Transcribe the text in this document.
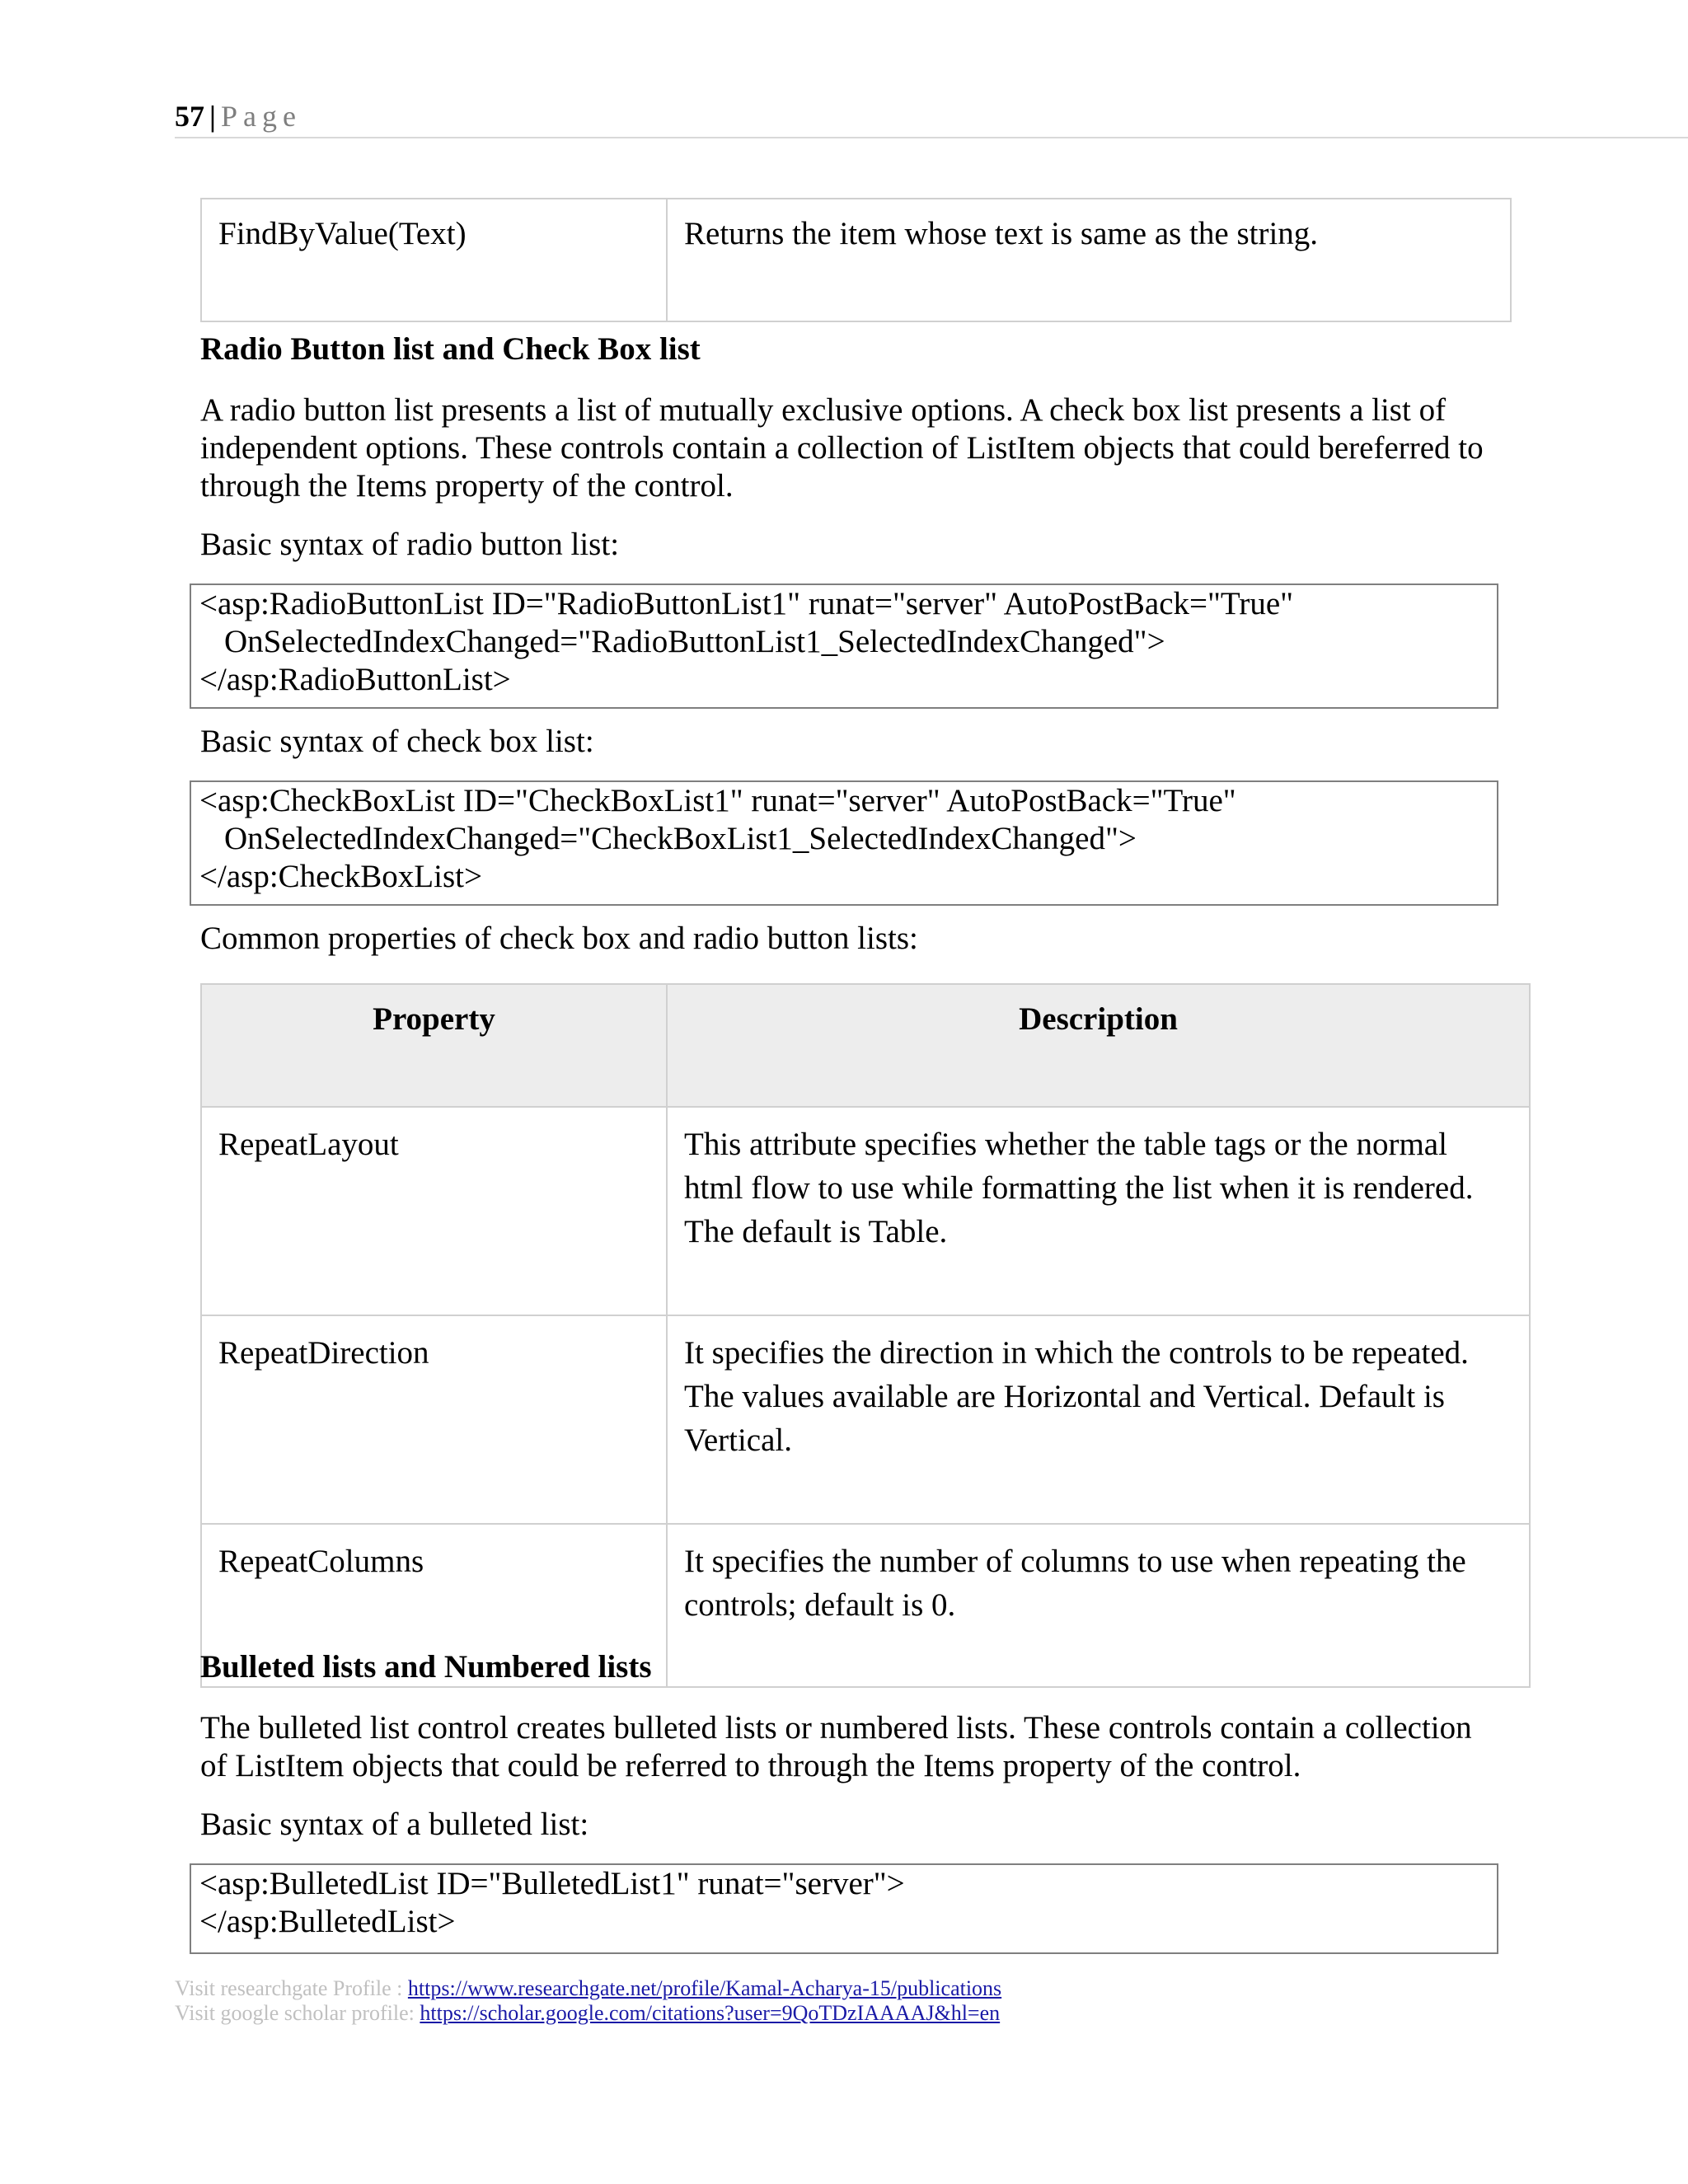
57 | Page
FindByValue(Text)	Returns the item whose text is same as the string.
Radio Button list and Check Box list
A radio button list presents a list of mutually exclusive options. A check box list presents a list of independent options. These controls contain a collection of ListItem objects that could bereferred to through the Items property of the control.
Basic syntax of radio button list:
<asp:RadioButtonList ID="RadioButtonList1" runat="server" AutoPostBack="True"
OnSelectedIndexChanged="RadioButtonList1_SelectedIndexChanged">
</asp:RadioButtonList>
Basic syntax of check box list:
<asp:CheckBoxList ID="CheckBoxList1" runat="server" AutoPostBack="True"
OnSelectedIndexChanged="CheckBoxList1_SelectedIndexChanged">
</asp:CheckBoxList>
Common properties of check box and radio button lists:
Property	Description
RepeatLayout	This attribute specifies whether the table tags or the normal html flow to use while formatting the list when it is rendered. The default is Table.
RepeatDirection	It specifies the direction in which the controls to be repeated. The values available are Horizontal and Vertical. Default is Vertical.
RepeatColumns	It specifies the number of columns to use when repeating the controls; default is 0.
Bulleted lists and Numbered lists
The bulleted list control creates bulleted lists or numbered lists. These controls contain a collection of ListItem objects that could be referred to through the Items property of the control.
Basic syntax of a bulleted list:
<asp:BulletedList ID="BulletedList1" runat="server">
</asp:BulletedList>
Visit researchgate Profile : https://www.researchgate.net/profile/Kamal-Acharya-15/publications
Visit google scholar profile: https://scholar.google.com/citations?user=9QoTDzIAAAAJ&hl=en
